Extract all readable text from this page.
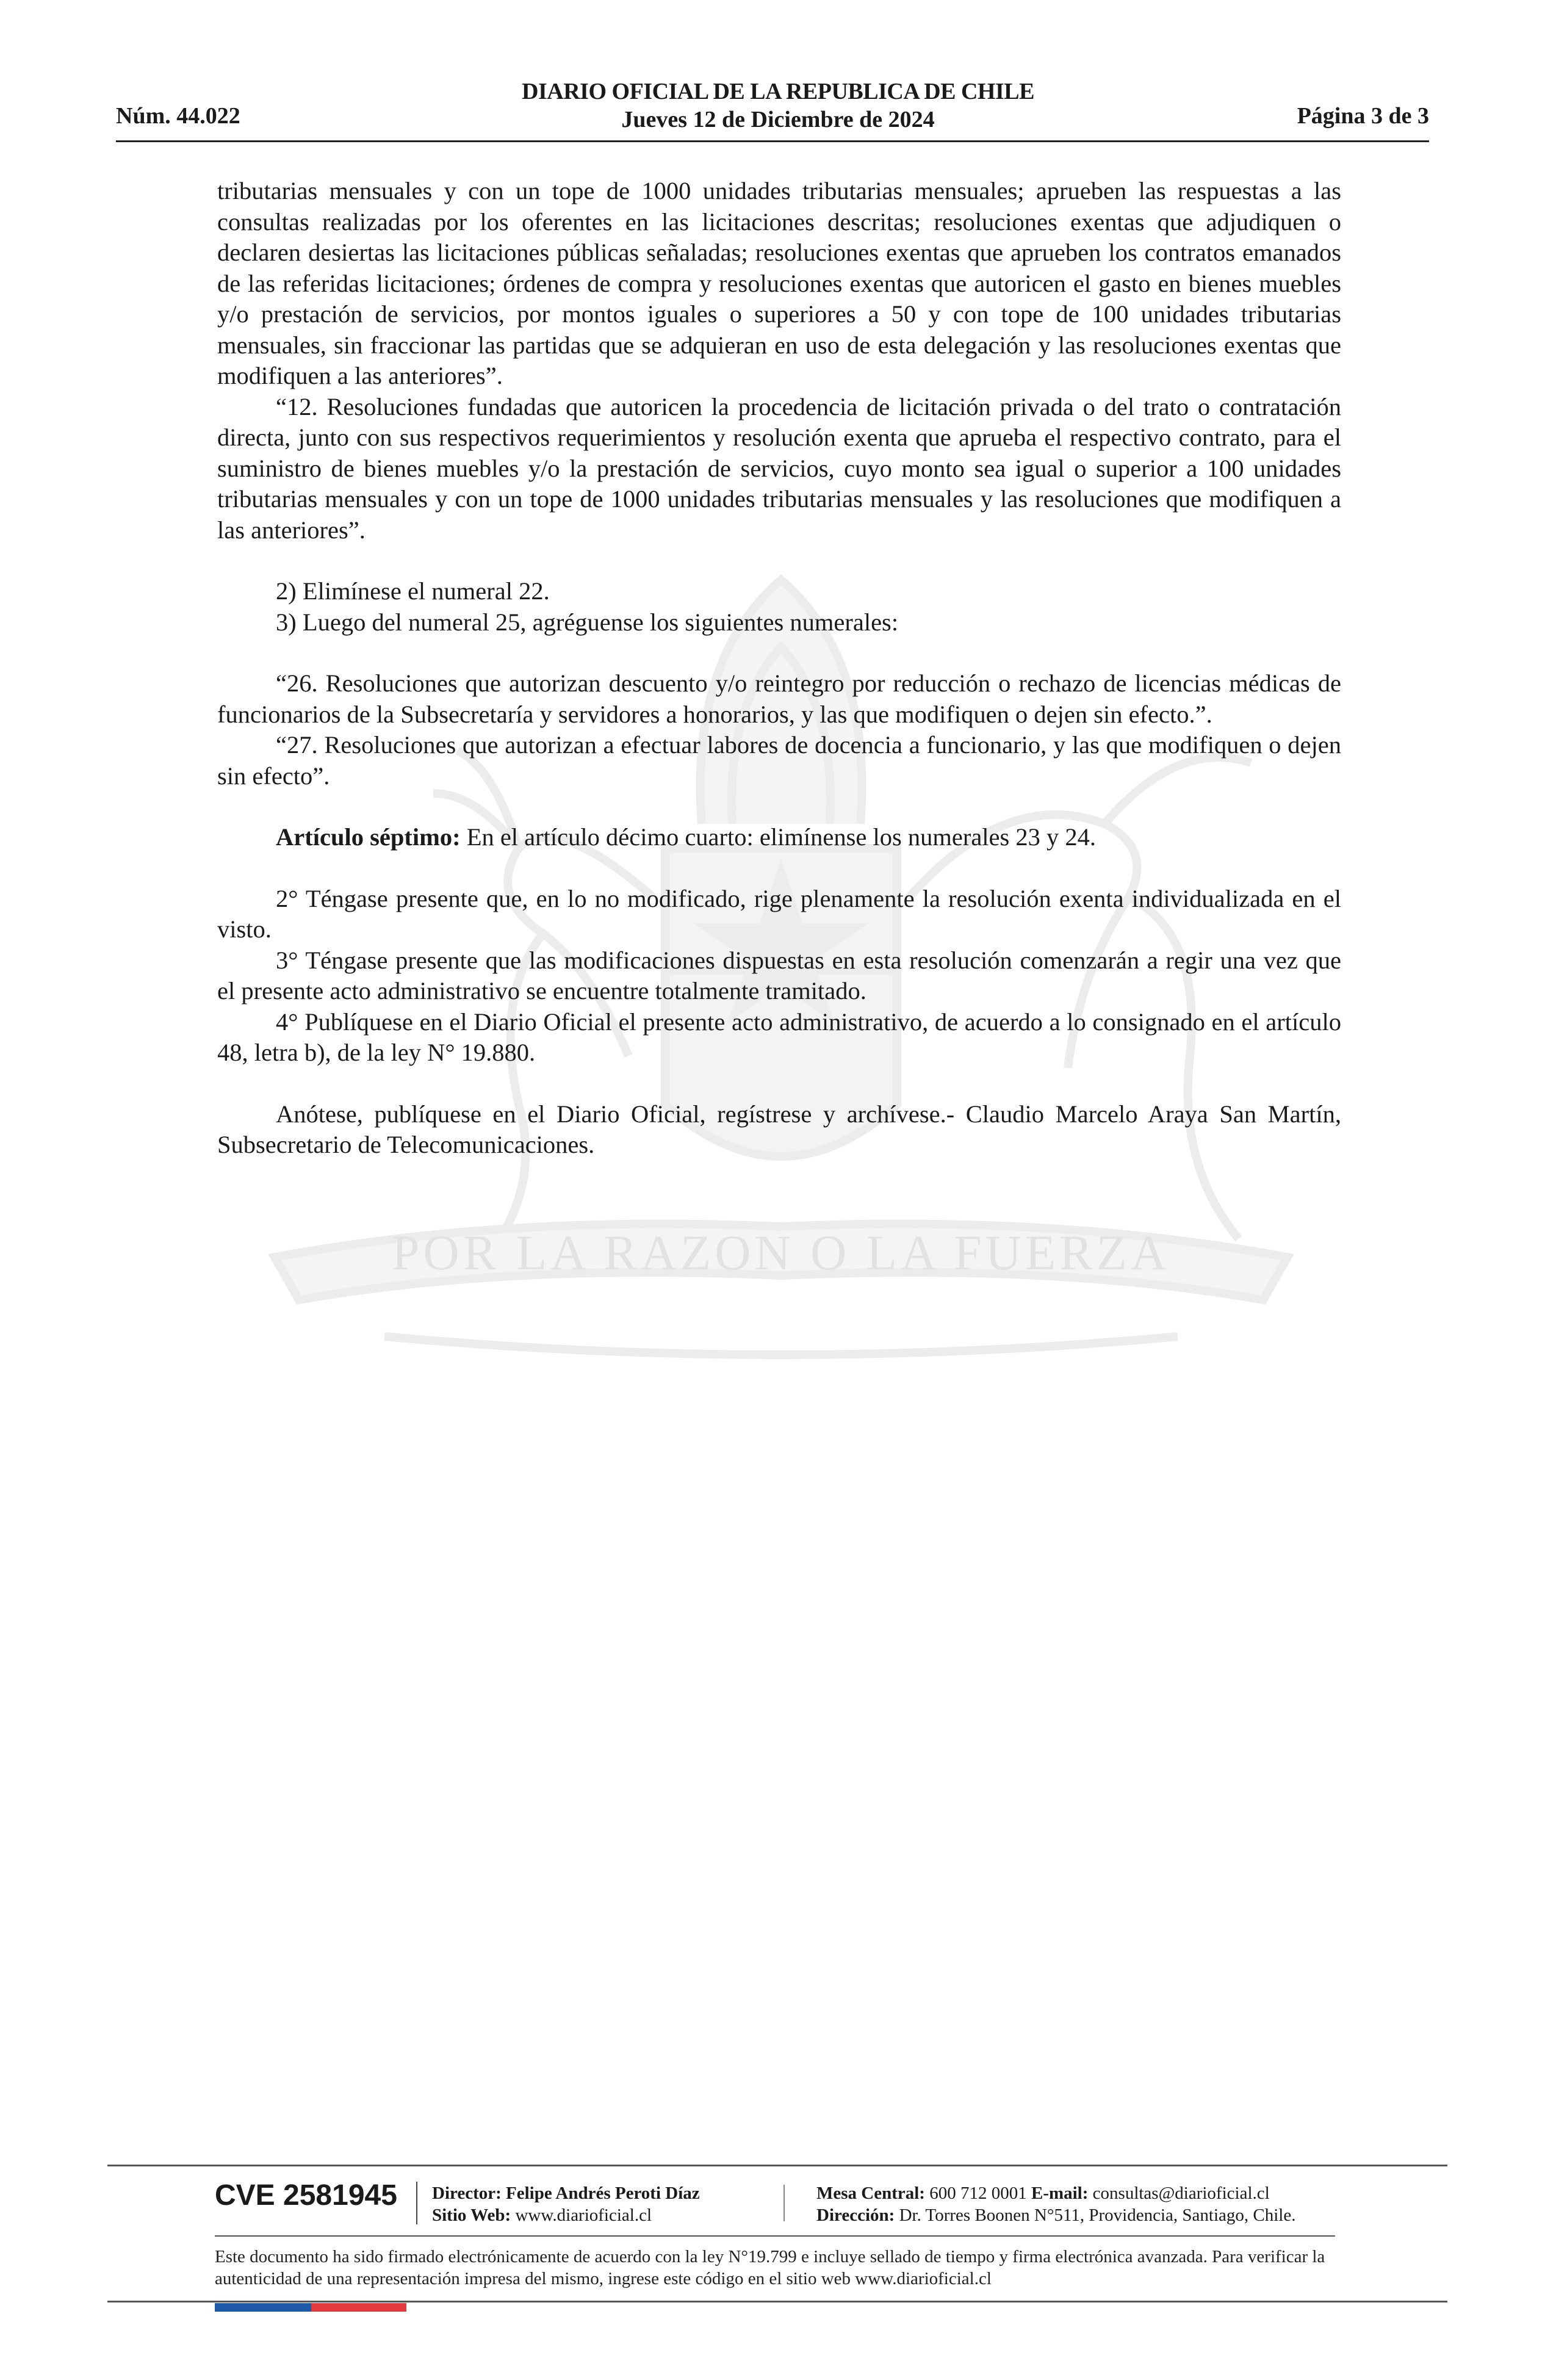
Núm. 44.022
DIARIO OFICIAL DE LA REPUBLICA DE CHILE
Jueves 12 de Diciembre de 2024	Página 3 de 3
POR LA RAZON O LA FUERZA

tributarias mensuales y con un tope de 1000 unidades tributarias mensuales; aprueben las respuestas a las consultas realizadas por los oferentes en las licitaciones descritas; resoluciones exentas que adjudiquen o declaren desiertas las licitaciones públicas señaladas; resoluciones exentas que aprueben los contratos emanados de las referidas licitaciones; órdenes de compra y resoluciones exentas que autoricen el gasto en bienes muebles y/o prestación de servicios, por montos iguales o superiores a 50 y con tope de 100 unidades tributarias mensuales, sin fraccionar las partidas que se adquieran en uso de esta delegación y las resoluciones exentas que modifiquen a las anteriores”.

“12. Resoluciones fundadas que autoricen la procedencia de licitación privada o del trato o contratación directa, junto con sus respectivos requerimientos y resolución exenta que aprueba el respectivo contrato, para el suministro de bienes muebles y/o la prestación de servicios, cuyo monto sea igual o superior a 100 unidades tributarias mensuales y con un tope de 1000 unidades tributarias mensuales y las resoluciones que modifiquen a las anteriores”.

2) Elimínese el numeral 22.

3) Luego del numeral 25, agréguense los siguientes numerales:

“26. Resoluciones que autorizan descuento y/o reintegro por reducción o rechazo de licencias médicas de funcionarios de la Subsecretaría y servidores a honorarios, y las que modifiquen o dejen sin efecto.”.

“27. Resoluciones que autorizan a efectuar labores de docencia a funcionario, y las que modifiquen o dejen sin efecto”.

Artículo séptimo: En el artículo décimo cuarto: elimínense los numerales 23 y 24.

2° Téngase presente que, en lo no modificado, rige plenamente la resolución exenta individualizada en el visto.

3° Téngase presente que las modificaciones dispuestas en esta resolución comenzarán a regir una vez que el presente acto administrativo se encuentre totalmente tramitado.

4° Publíquese en el Diario Oficial el presente acto administrativo, de acuerdo a lo consignado en el artículo 48, letra b), de la ley N° 19.880.

Anótese, publíquese en el Diario Oficial, regístrese y archívese.- Claudio Marcelo Araya San Martín, Subsecretario de Telecomunicaciones.

CVE 2581945 Director: Felipe Andrés Peroti Díaz
Sitio Web: www.diarioficial.cl
Mesa Central: 600 712 0001 E-mail: consultas@diarioficial.cl
Dirección: Dr. Torres Boonen N°511, Providencia, Santiago, Chile.
Este documento ha sido firmado electrónicamente de acuerdo con la ley N°19.799 e incluye sellado de tiempo y firma electrónica avanzada. Para verificar la autenticidad de una representación impresa del mismo, ingrese este código en el sitio web www.diarioficial.cl
